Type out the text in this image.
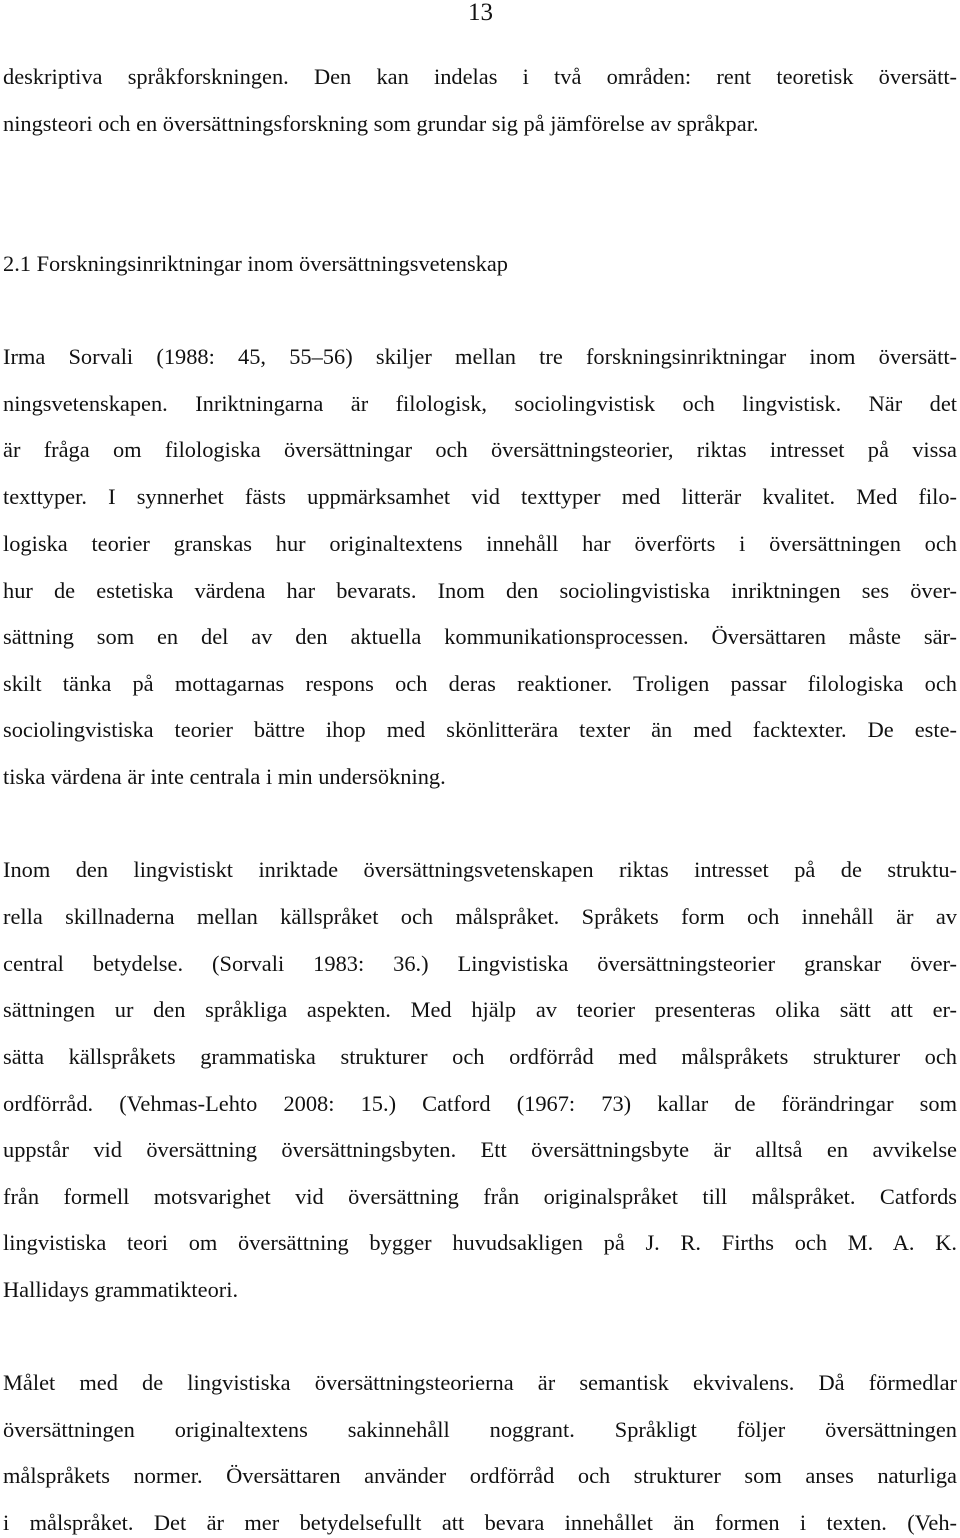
13
deskriptiva språkforskningen. Den kan indelas i två områden: rent teoretisk översätt-
ningsteori och en översättningsforskning som grundar sig på jämförelse av språkpar.
2.1 Forskningsinriktningar inom översättningsvetenskap
Irma Sorvali (1988: 45, 55–56) skiljer mellan tre forskningsinriktningar inom översätt-
ningsvetenskapen. Inriktningarna är filologisk, sociolingvistisk och lingvistisk. När det
är fråga om filologiska översättningar och översättningsteorier, riktas intresset på vissa
texttyper. I synnerhet fästs uppmärksamhet vid texttyper med litterär kvalitet. Med filo-
logiska teorier granskas hur originaltextens innehåll har överförts i översättningen och
hur de estetiska värdena har bevarats. Inom den sociolingvistiska inriktningen ses över-
sättning som en del av den aktuella kommunikationsprocessen. Översättaren måste sär-
skilt tänka på mottagarnas respons och deras reaktioner. Troligen passar filologiska och
sociolingvistiska teorier bättre ihop med skönlitterära texter än med facktexter. De este-
tiska värdena är inte centrala i min undersökning.
Inom den lingvistiskt inriktade översättningsvetenskapen riktas intresset på de struktu-
rella skillnaderna mellan källspråket och målspråket. Språkets form och innehåll är av
central betydelse. (Sorvali 1983: 36.) Lingvistiska översättningsteorier granskar över-
sättningen ur den språkliga aspekten. Med hjälp av teorier presenteras olika sätt att er-
sätta källspråkets grammatiska strukturer och ordförråd med målspråkets strukturer och
ordförråd. (Vehmas-Lehto 2008: 15.) Catford (1967: 73) kallar de förändringar som
uppstår vid översättning översättningsbyten. Ett översättningsbyte är alltså en avvikelse
från formell motsvarighet vid översättning från originalspråket till målspråket. Catfords
lingvistiska teori om översättning bygger huvudsakligen på J. R. Firths och M. A. K.
Hallidays grammatikteori.
Målet med de lingvistiska översättningsteorierna är semantisk ekvivalens. Då förmedlar
översättningen originaltextens sakinnehåll noggrant. Språkligt följer översättningen
målspråkets normer. Översättaren använder ordförråd och strukturer som anses naturliga
i målspråket. Det är mer betydelsefullt att bevara innehållet än formen i texten. (Veh-
